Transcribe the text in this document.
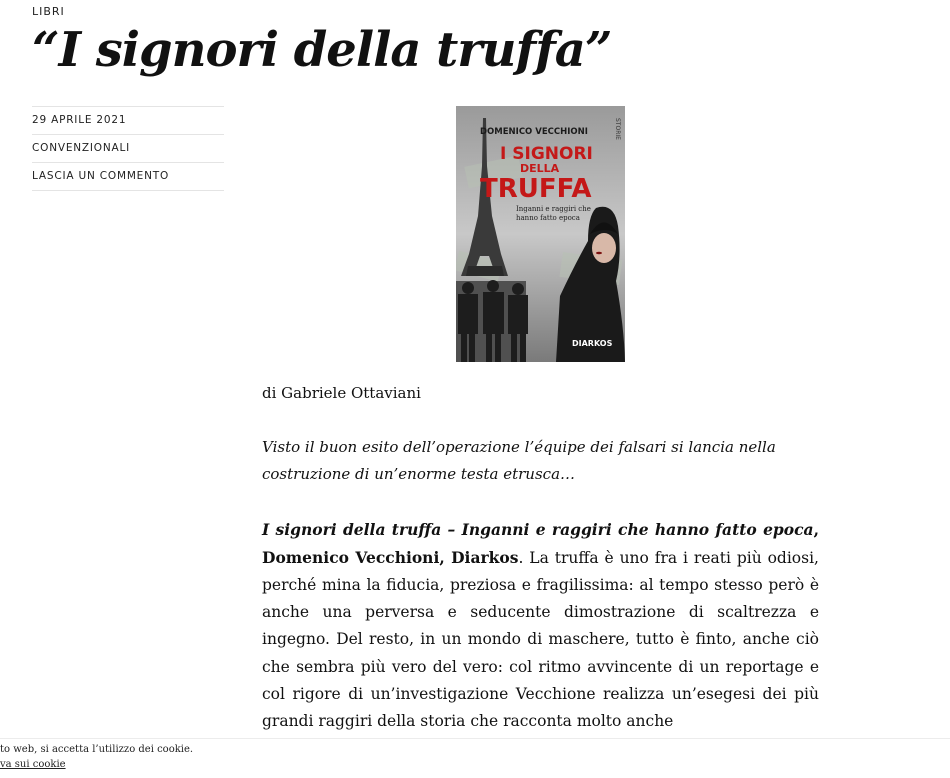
LIBRI
“I signori della truffa”
29 APRILE 2021
CONVENZIONALI
LASCIA UN COMMENTO
DOMENICO VECCHIONI	STORIE
I SIGNORI
DELLA
TRUFFA
Inganni e raggiri che hanno fatto epoca
DIARKOS

di Gabriele Ottaviani

Visto il buon esito dell’operazione l’équipe dei falsari si lancia nella costruzione di un’enorme testa etrusca…

I signori della truffa – Inganni e raggiri che hanno fatto epoca, Domenico Vecchioni, Diarkos. La truffa è uno fra i reati più odiosi, perché mina la fiducia, preziosa e fragilissima: al tempo stesso però è anche una perversa e seducente dimostrazione di scaltrezza e ingegno. Del resto, in un mondo di maschere, tutto è finto, anche ciò che sembra più vero del vero: col ritmo avvincente di un reportage e col rigore di un’investigazione Vecchione realizza un’esegesi dei più grandi raggiri della storia che racconta molto anche

to web, si accetta l’utilizzo dei cookie.
va sui cookie
